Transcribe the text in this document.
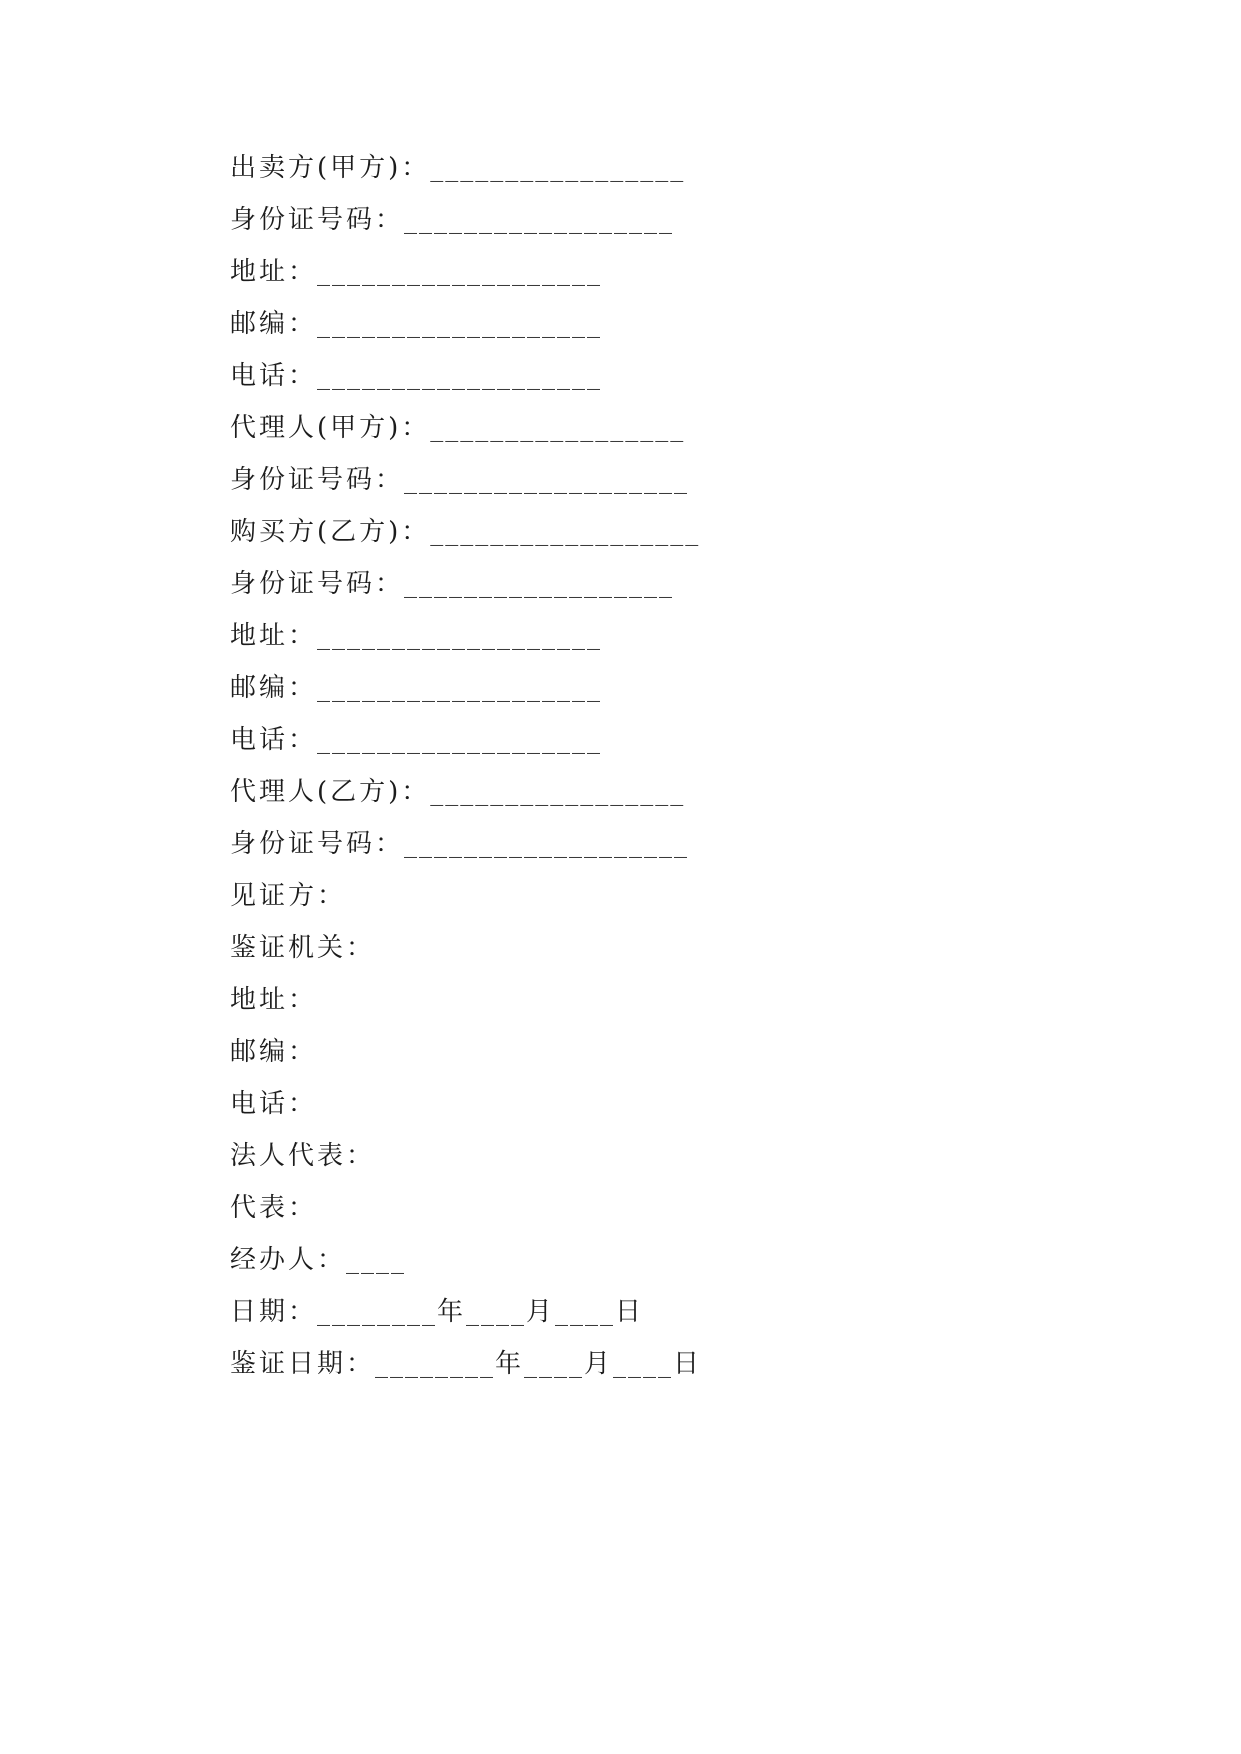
出卖方(甲方)： _________________
身份证号码： __________________
地址： ___________________
邮编： ___________________
电话： ___________________
代理人(甲方)： _________________
身份证号码： ___________________
购买方(乙方)： __________________
身份证号码： __________________
地址： ___________________
邮编： ___________________
电话： ___________________
代理人(乙方)： _________________
身份证号码： ___________________
见证方：
鉴证机关：
地址：
邮编：
电话：
法人代表：
代表：
经办人： ____
日期： ________ 年 ____ 月 ____ 日
鉴证日期： ________ 年 ____ 月 ____ 日
